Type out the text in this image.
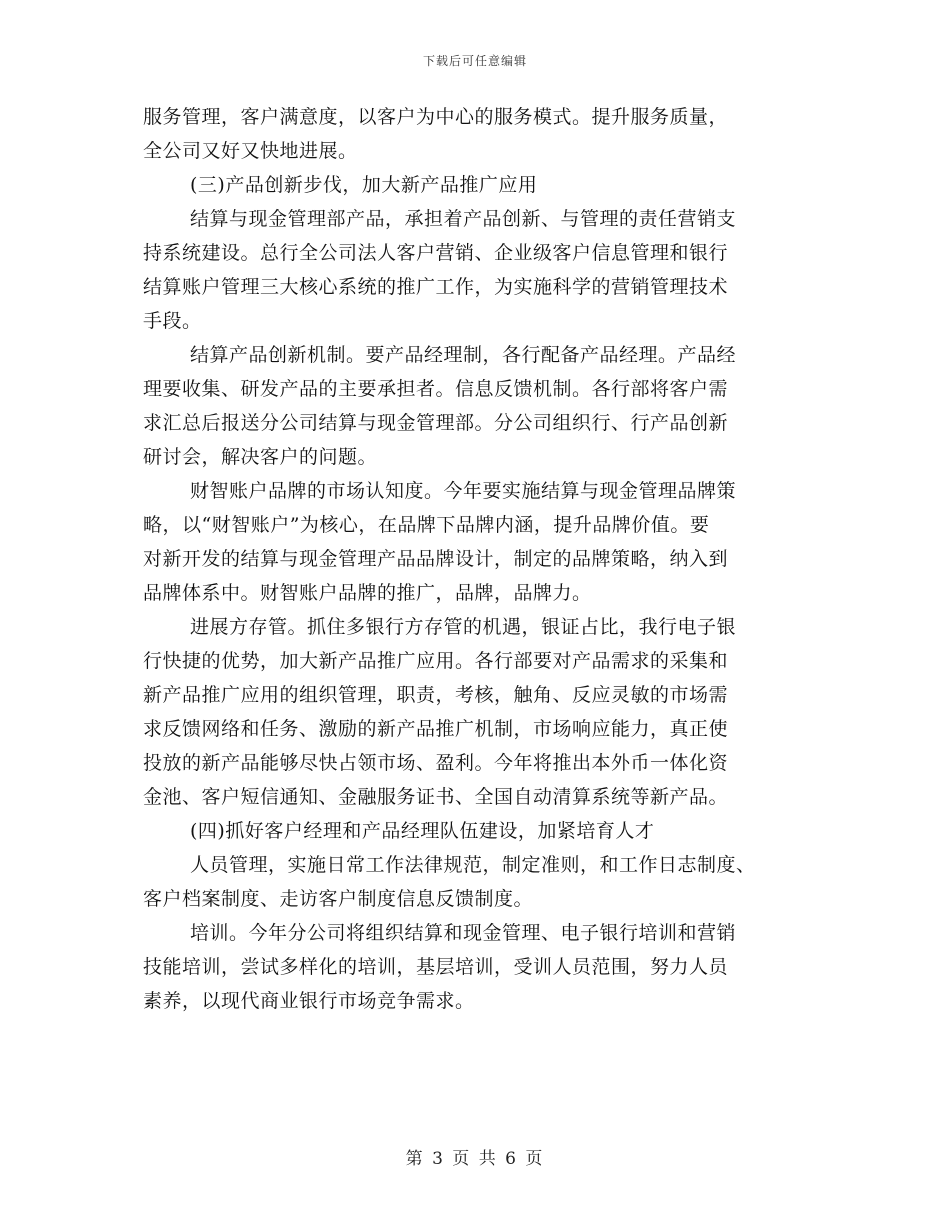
下载后可任意编辑
服务管理，客户满意度，以客户为中心的服务模式。提升服务质量，
全公司又好又快地进展。
(三)产品创新步伐，加大新产品推广应用
结算与现金管理部产品，承担着产品创新、与管理的责任营销支
持系统建设。总行全公司法人客户营销、企业级客户信息管理和银行
结算账户管理三大核心系统的推广工作，为实施科学的营销管理技术
手段。
结算产品创新机制。要产品经理制，各行配备产品经理。产品经
理要收集、研发产品的主要承担者。信息反馈机制。各行部将客户需
求汇总后报送分公司结算与现金管理部。分公司组织行、行产品创新
研讨会，解决客户的问题。
财智账户品牌的市场认知度。今年要实施结算与现金管理品牌策
略，以“财智账户”为核心，在品牌下品牌内涵，提升品牌价值。要
对新开发的结算与现金管理产品品牌设计，制定的品牌策略，纳入到
品牌体系中。财智账户品牌的推广，品牌，品牌力。
进展方存管。抓住多银行方存管的机遇，银证占比，我行电子银
行快捷的优势，加大新产品推广应用。各行部要对产品需求的采集和
新产品推广应用的组织管理，职责，考核，触角、反应灵敏的市场需
求反馈网络和任务、激励的新产品推广机制，市场响应能力，真正使
投放的新产品能够尽快占领市场、盈利。今年将推出本外币一体化资
金池、客户短信通知、金融服务证书、全国自动清算系统等新产品。
(四)抓好客户经理和产品经理队伍建设，加紧培育人才
人员管理，实施日常工作法律规范，制定准则，和工作日志制度、
客户档案制度、走访客户制度信息反馈制度。
培训。今年分公司将组织结算和现金管理、电子银行培训和营销
技能培训，尝试多样化的培训，基层培训，受训人员范围，努力人员
素养，以现代商业银行市场竞争需求。
第 3 页 共 6 页
